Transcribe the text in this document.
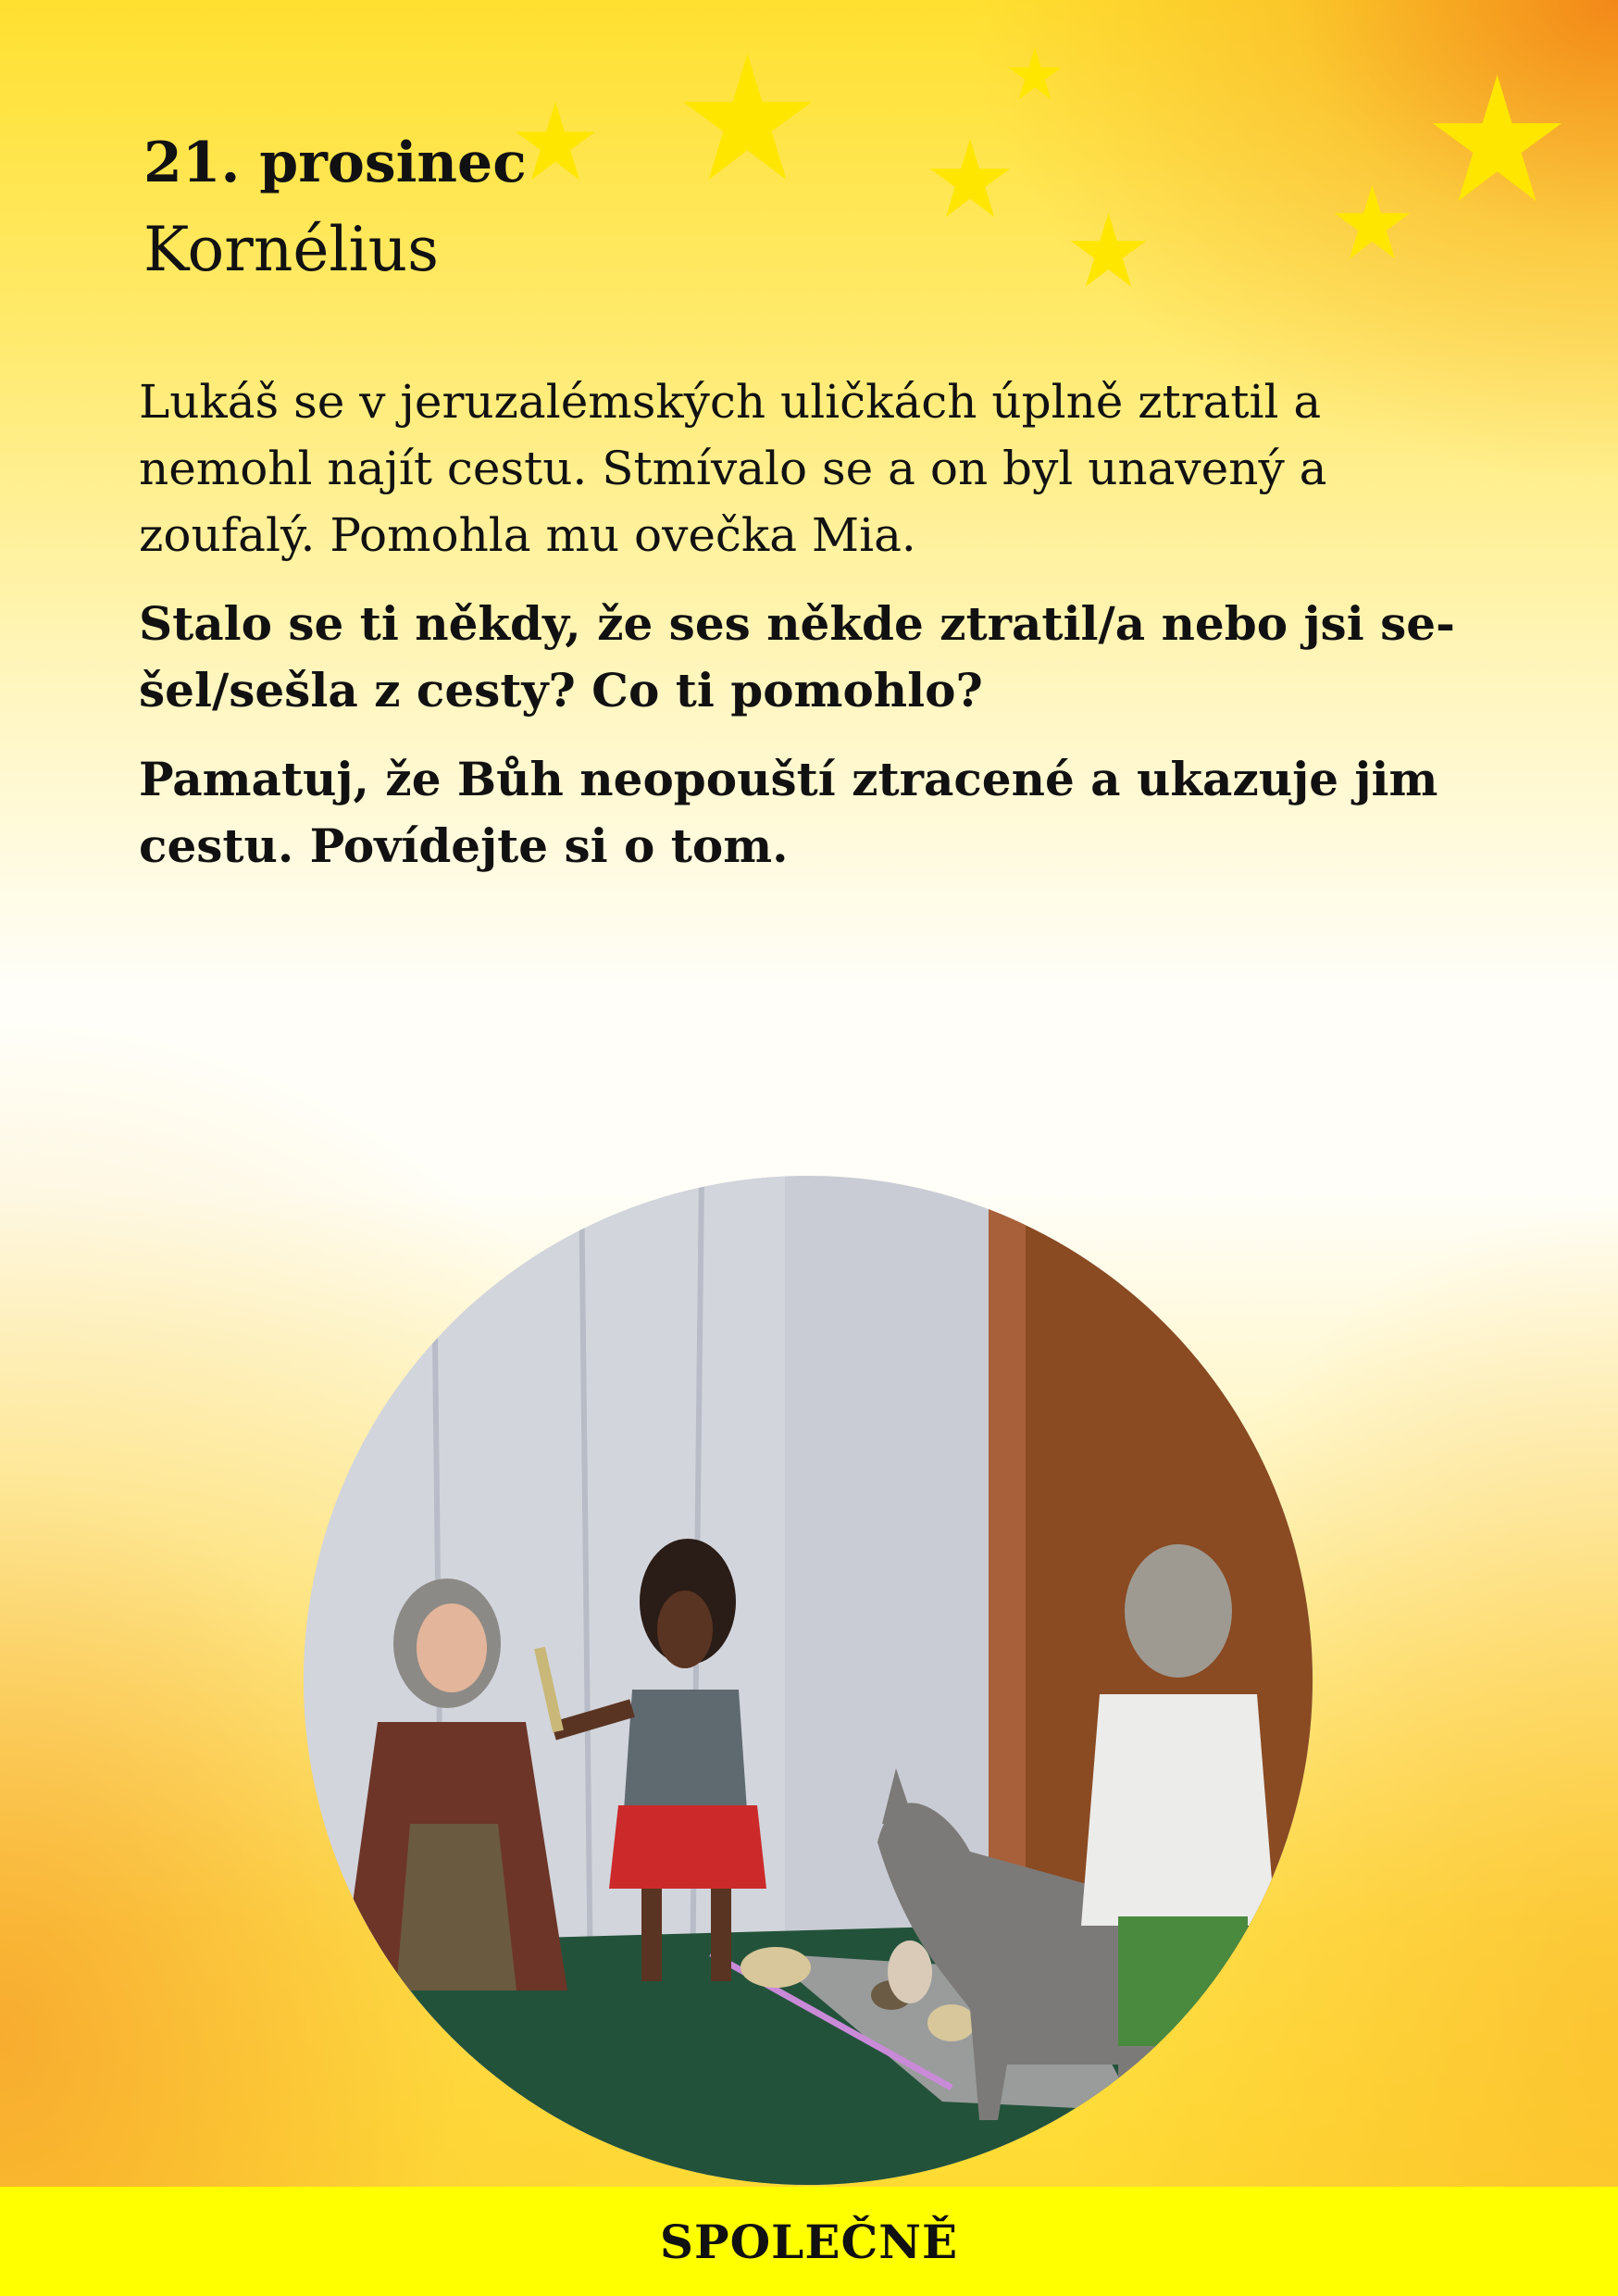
21. prosinec
Kornélius

Lukáš se v jeruzalémských uličkách úplně ztratil a nemohl najít cestu. Stmívalo se a on byl unavený a zoufalý. Pomohla mu ovečka Mia.

Stalo se ti někdy, že ses někde ztratil/a nebo jsi sešel/sešla z cesty? Co ti pomohlo?

Pamatuj, že Bůh neopouští ztracené a ukazuje jim cestu. Povídejte si o tom.

SPOLEČNĚ
